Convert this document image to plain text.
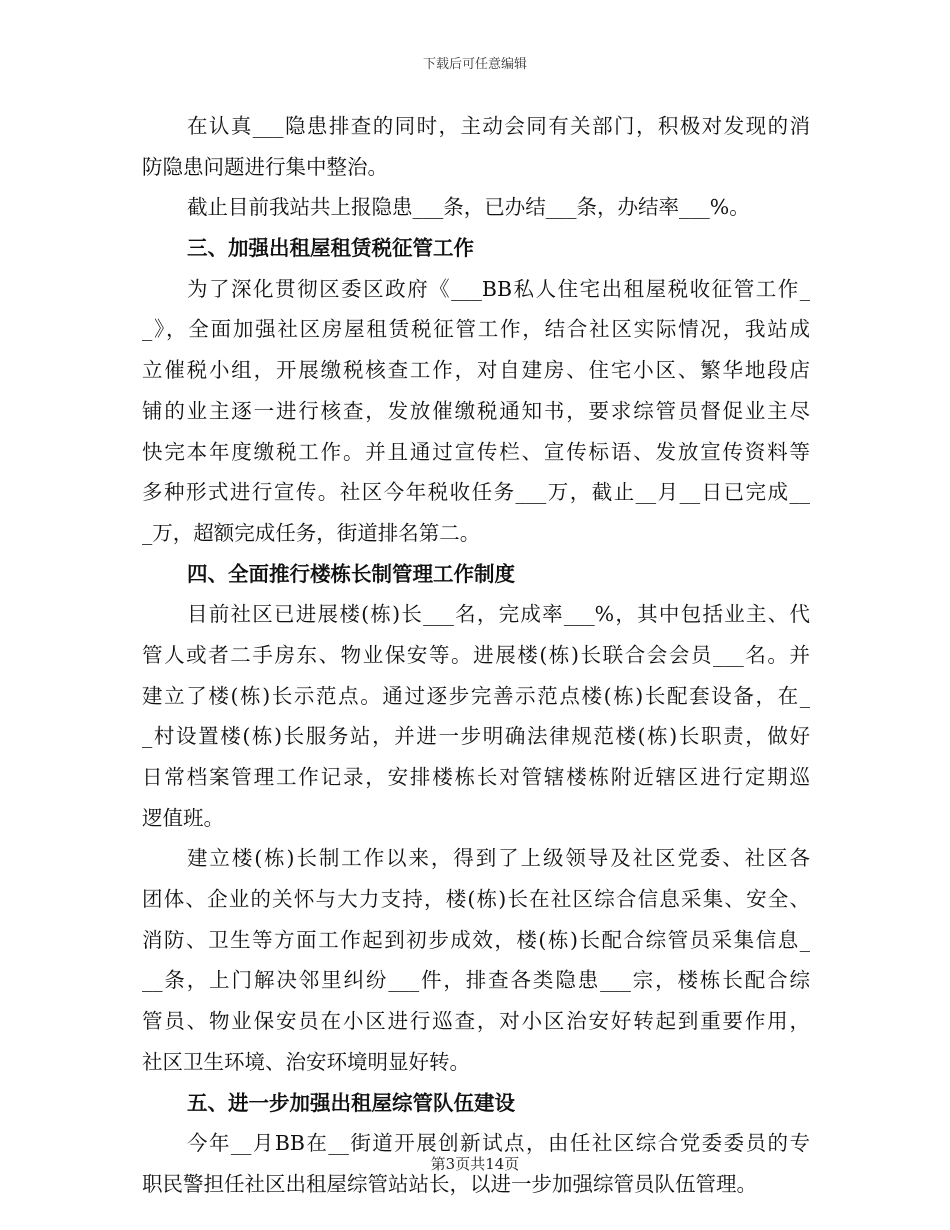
下载后可任意编辑
在认真___隐患排查的同时，主动会同有关部门，积极对发现的消
防隐患问题进行集中整治。
截止目前我站共上报隐患___条，已办结___条，办结率___%。
三、加强出租屋租赁税征管工作
为了深化贯彻区委区政府《___BB私人住宅出租屋税收征管工作_
_》，全面加强社区房屋租赁税征管工作，结合社区实际情况，我站成
立催税小组，开展缴税核查工作，对自建房、住宅小区、繁华地段店
铺的业主逐一进行核查，发放催缴税通知书，要求综管员督促业主尽
快完本年度缴税工作。并且通过宣传栏、宣传标语、发放宣传资料等
多种形式进行宣传。社区今年税收任务___万，截止__月__日已完成__
_万，超额完成任务，街道排名第二。
四、全面推行楼栋长制管理工作制度
目前社区已进展楼(栋)长___名，完成率___%，其中包括业主、代
管人或者二手房东、物业保安等。进展楼(栋)长联合会会员___名。并
建立了楼(栋)长示范点。通过逐步完善示范点楼(栋)长配套设备，在_
_村设置楼(栋)长服务站，并进一步明确法律规范楼(栋)长职责，做好
日常档案管理工作记录，安排楼栋长对管辖楼栋附近辖区进行定期巡
逻值班。
建立楼(栋)长制工作以来，得到了上级领导及社区党委、社区各
团体、企业的关怀与大力支持，楼(栋)长在社区综合信息采集、安全、
消防、卫生等方面工作起到初步成效，楼(栋)长配合综管员采集信息_
__条，上门解决邻里纠纷___件，排查各类隐患___宗，楼栋长配合综
管员、物业保安员在小区进行巡查，对小区治安好转起到重要作用，
社区卫生环境、治安环境明显好转。
五、进一步加强出租屋综管队伍建设
今年__月BB在__街道开展创新试点，由任社区综合党委委员的专
职民警担任社区出租屋综管站站长，以进一步加强综管员队伍管理。
第3页共14页
